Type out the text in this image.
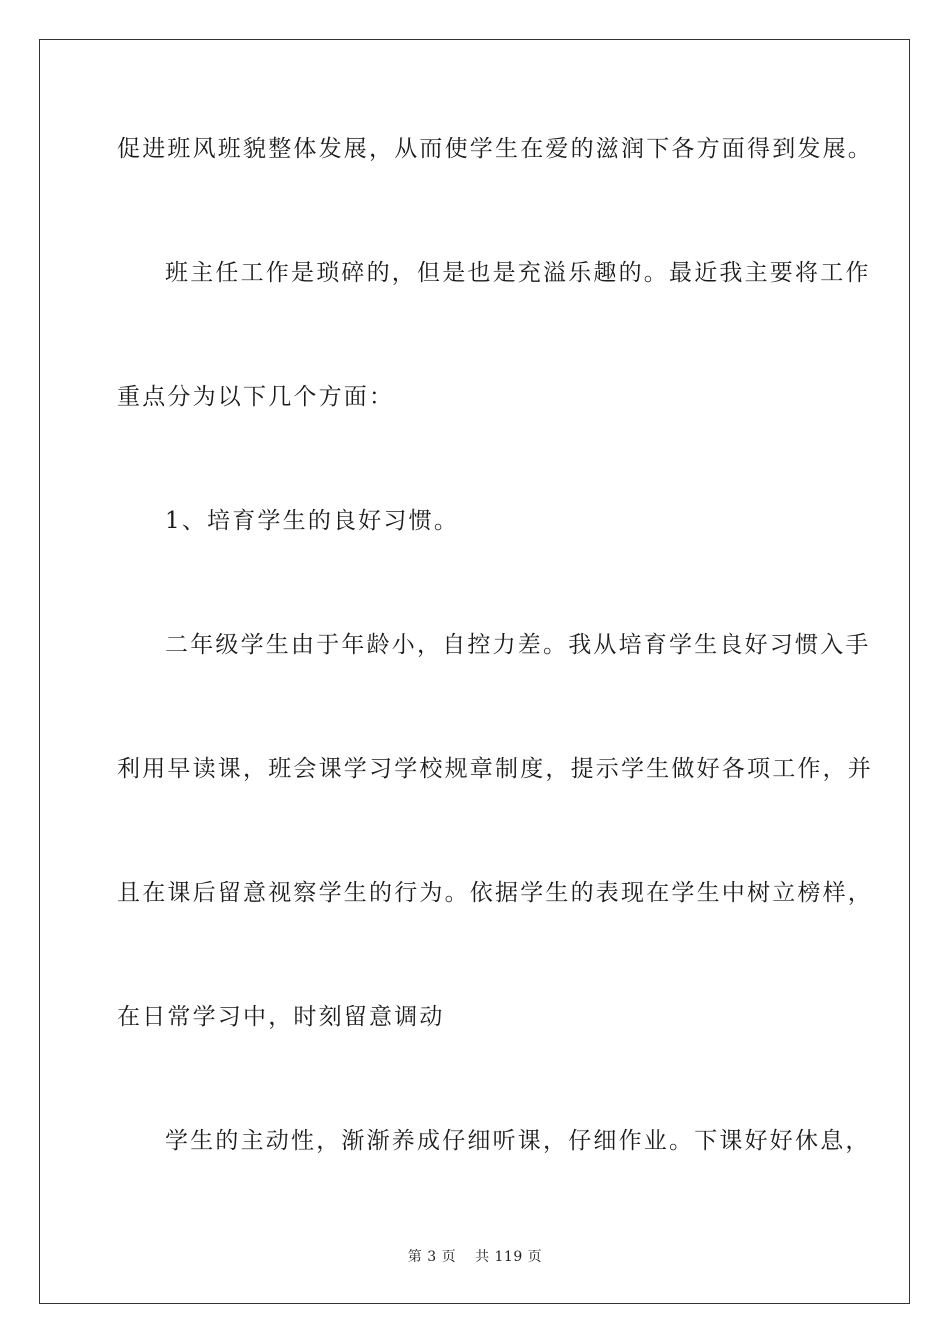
促进班风班貌整体发展，从而使学生在爱的滋润下各方面得到发展。

班主任工作是琐碎的，但是也是充溢乐趣的。最近我主要将工作

重点分为以下几个方面：

1、培育学生的良好习惯。

二年级学生由于年龄小，自控力差。我从培育学生良好习惯入手

利用早读课，班会课学习学校规章制度，提示学生做好各项工作，并

且在课后留意视察学生的行为。依据学生的表现在学生中树立榜样，

在日常学习中，时刻留意调动

学生的主动性，渐渐养成仔细听课，仔细作业。下课好好休息，

第 3 页 共 119 页
